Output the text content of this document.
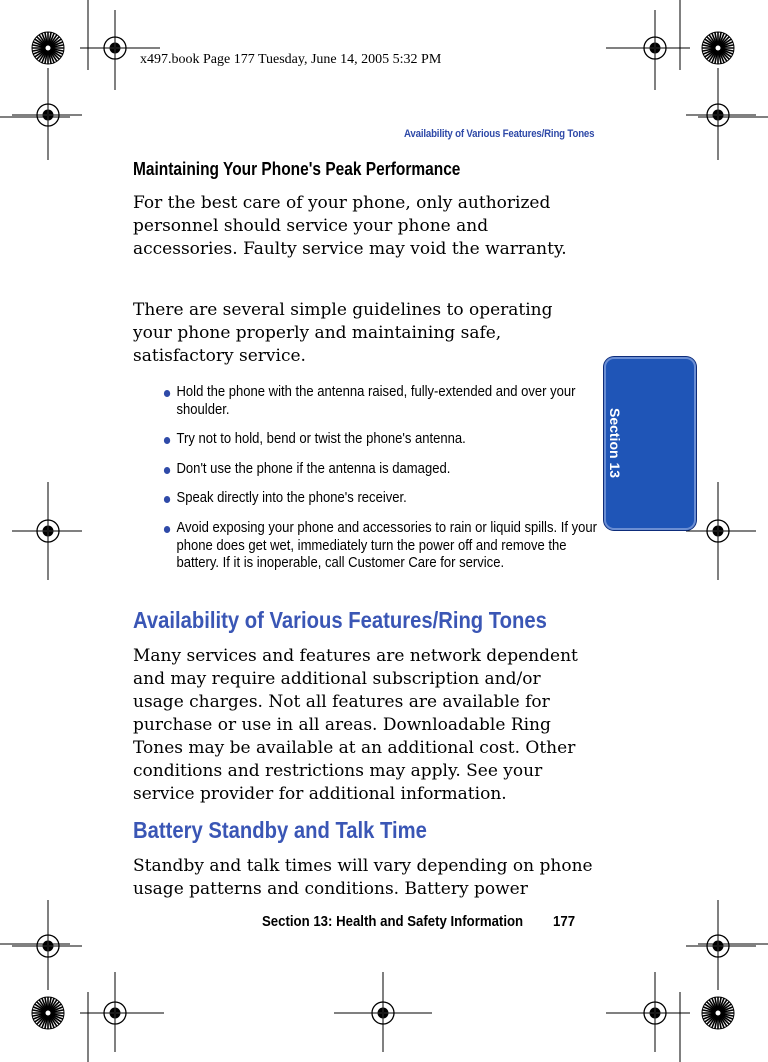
x497.book Page 177 Tuesday, June 14, 2005 5:32 PM
Availability of Various Features/Ring Tones
Section 13
Maintaining Your Phone's Peak Performance
For the best care of your phone, only authorized personnel should service your phone and accessories. Faulty service may void the warranty.
There are several simple guidelines to operating your phone properly and maintaining safe, satisfactory service.
Hold the phone with the antenna raised, fully-extended and over your shoulder.
Try not to hold, bend or twist the phone's antenna.
Don't use the phone if the antenna is damaged.
Speak directly into the phone's receiver.
Avoid exposing your phone and accessories to rain or liquid spills. If your phone does get wet, immediately turn the power off and remove the battery. If it is inoperable, call Customer Care for service.
Availability of Various Features/Ring Tones
Many services and features are network dependent and may require additional subscription and/or usage charges. Not all features are available for purchase or use in all areas. Downloadable Ring Tones may be available at an additional cost. Other conditions and restrictions may apply. See your service provider for additional information.
Battery Standby and Talk Time
Standby and talk times will vary depending on phone usage patterns and conditions. Battery power
Section 13: Health and Safety Information 177
